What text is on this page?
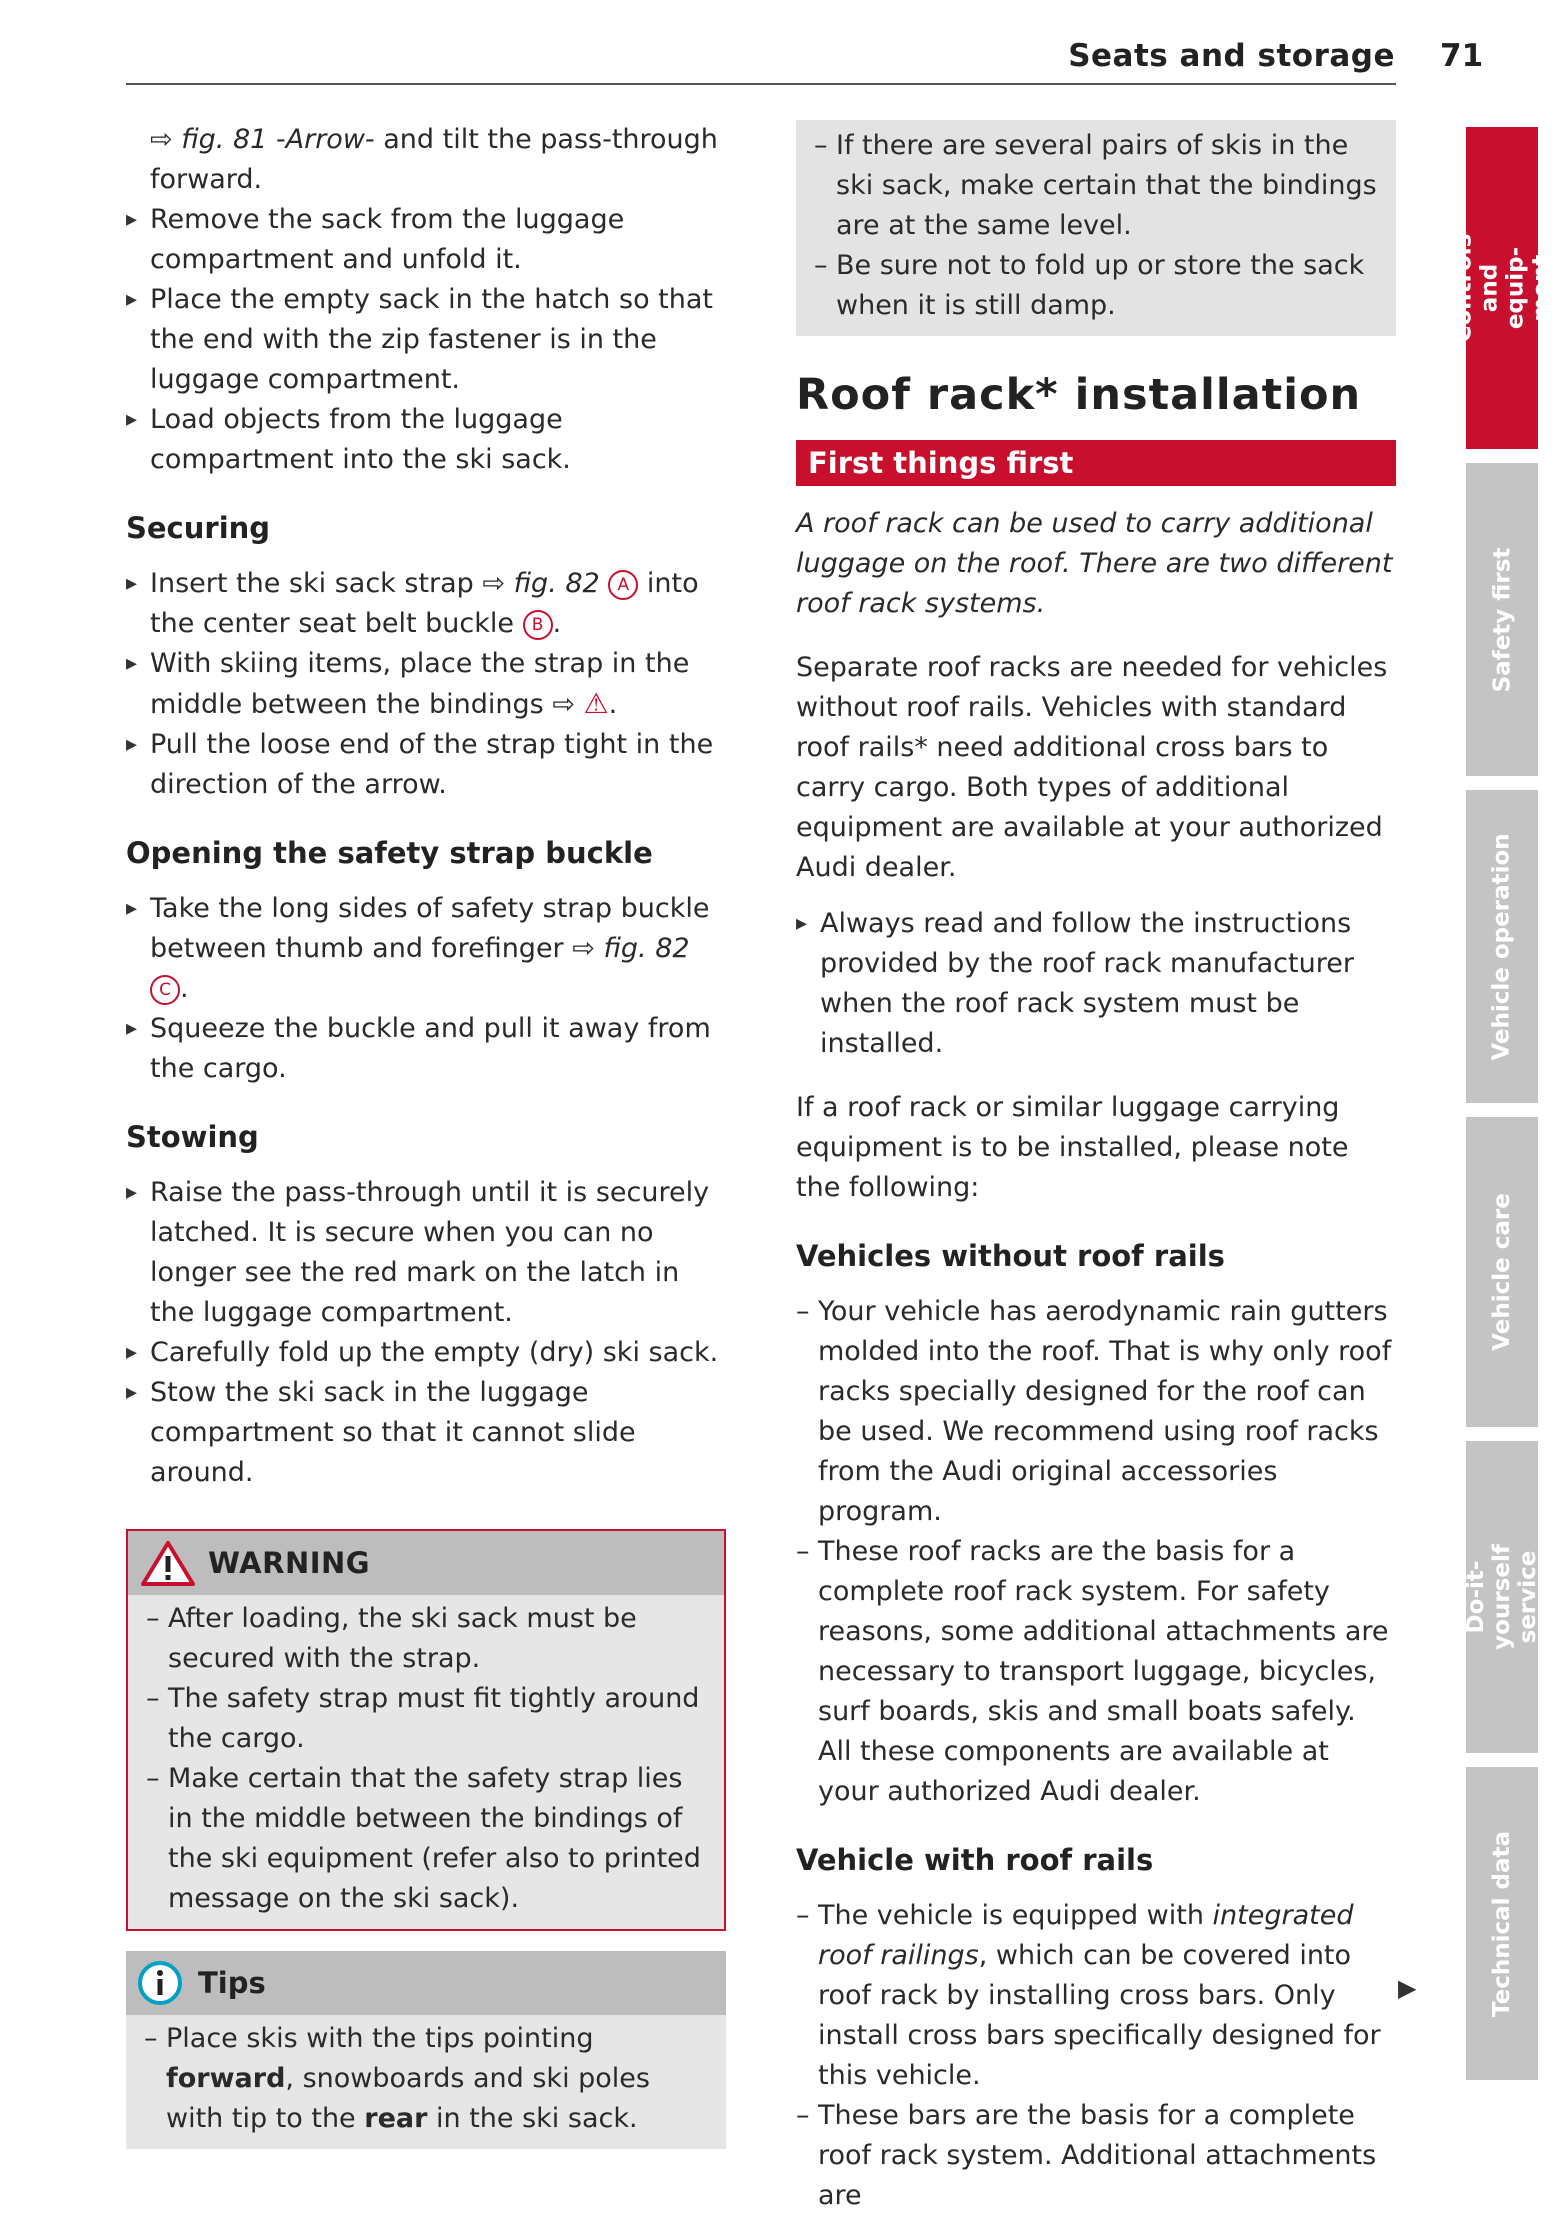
Seats and storage 71

⇨ fig. 81 -Arrow- and tilt the pass-through forward.

▸ Remove the sack from the luggage compartment and unfold it.
▸ Place the empty sack in the hatch so that the end with the zip fastener is in the luggage compartment.
▸ Load objects from the luggage compartment into the ski sack.
Securing
▸ Insert the ski sack strap ⇨ fig. 82 A into the center seat belt buckle B .
▸ With skiing items, place the strap in the middle between the bindings ⇨ ⚠.
▸ Pull the loose end of the strap tight in the direction of the arrow.
Opening the safety strap buckle
▸ Take the long sides of safety strap buckle between thumb and forefinger ⇨ fig. 82 C .
▸ Squeeze the buckle and pull it away from the cargo.
Stowing
▸ Raise the pass-through until it is securely latched. It is secure when you can no longer see the red mark on the latch in the luggage compartment.
▸ Carefully fold up the empty (dry) ski sack.
▸ Stow the ski sack in the luggage compartment so that it cannot slide around.
WARNING
– After loading, the ski sack must be secured with the strap.
– The safety strap must fit tightly around the cargo.
– Make certain that the safety strap lies in the middle between the bindings of the ski equipment (refer also to printed message on the ski sack).
Tips
– Place skis with the tips pointing forward, snowboards and ski poles with tip to the rear in the ski sack.
– If there are several pairs of skis in the ski sack, make certain that the bindings are at the same level.
– Be sure not to fold up or store the sack when it is still damp.
Roof rack* installation
First things first

A roof rack can be used to carry additional luggage on the roof. There are two different roof rack systems.

Separate roof racks are needed for vehicles without roof rails. Vehicles with standard roof rails* need additional cross bars to carry cargo. Both types of additional equipment are available at your authorized Audi dealer.

▸ Always read and follow the instructions provided by the roof rack manufacturer when the roof rack system must be installed.

If a roof rack or similar luggage carrying equipment is to be installed, please note the following:

Vehicles without roof rails
– Your vehicle has aerodynamic rain gutters molded into the roof. That is why only roof racks specially designed for the roof can be used. We recommend using roof racks from the Audi original accessories program.
– These roof racks are the basis for a complete roof rack system. For safety reasons, some additional attachments are necessary to transport luggage, bicycles, surf boards, skis and small boats safely. All these components are available at your authorized Audi dealer.
Vehicle with roof rails
– The vehicle is equipped with integrated roof railings, which can be covered into roof rack by installing cross bars. Only install cross bars specifically designed for this vehicle.
– These bars are the basis for a complete roof rack system. Additional attachments are
▶
Controls and equip-
ment
Safety first
Vehicle operation
Vehicle care
Do-it-yourself
service
Technical data
